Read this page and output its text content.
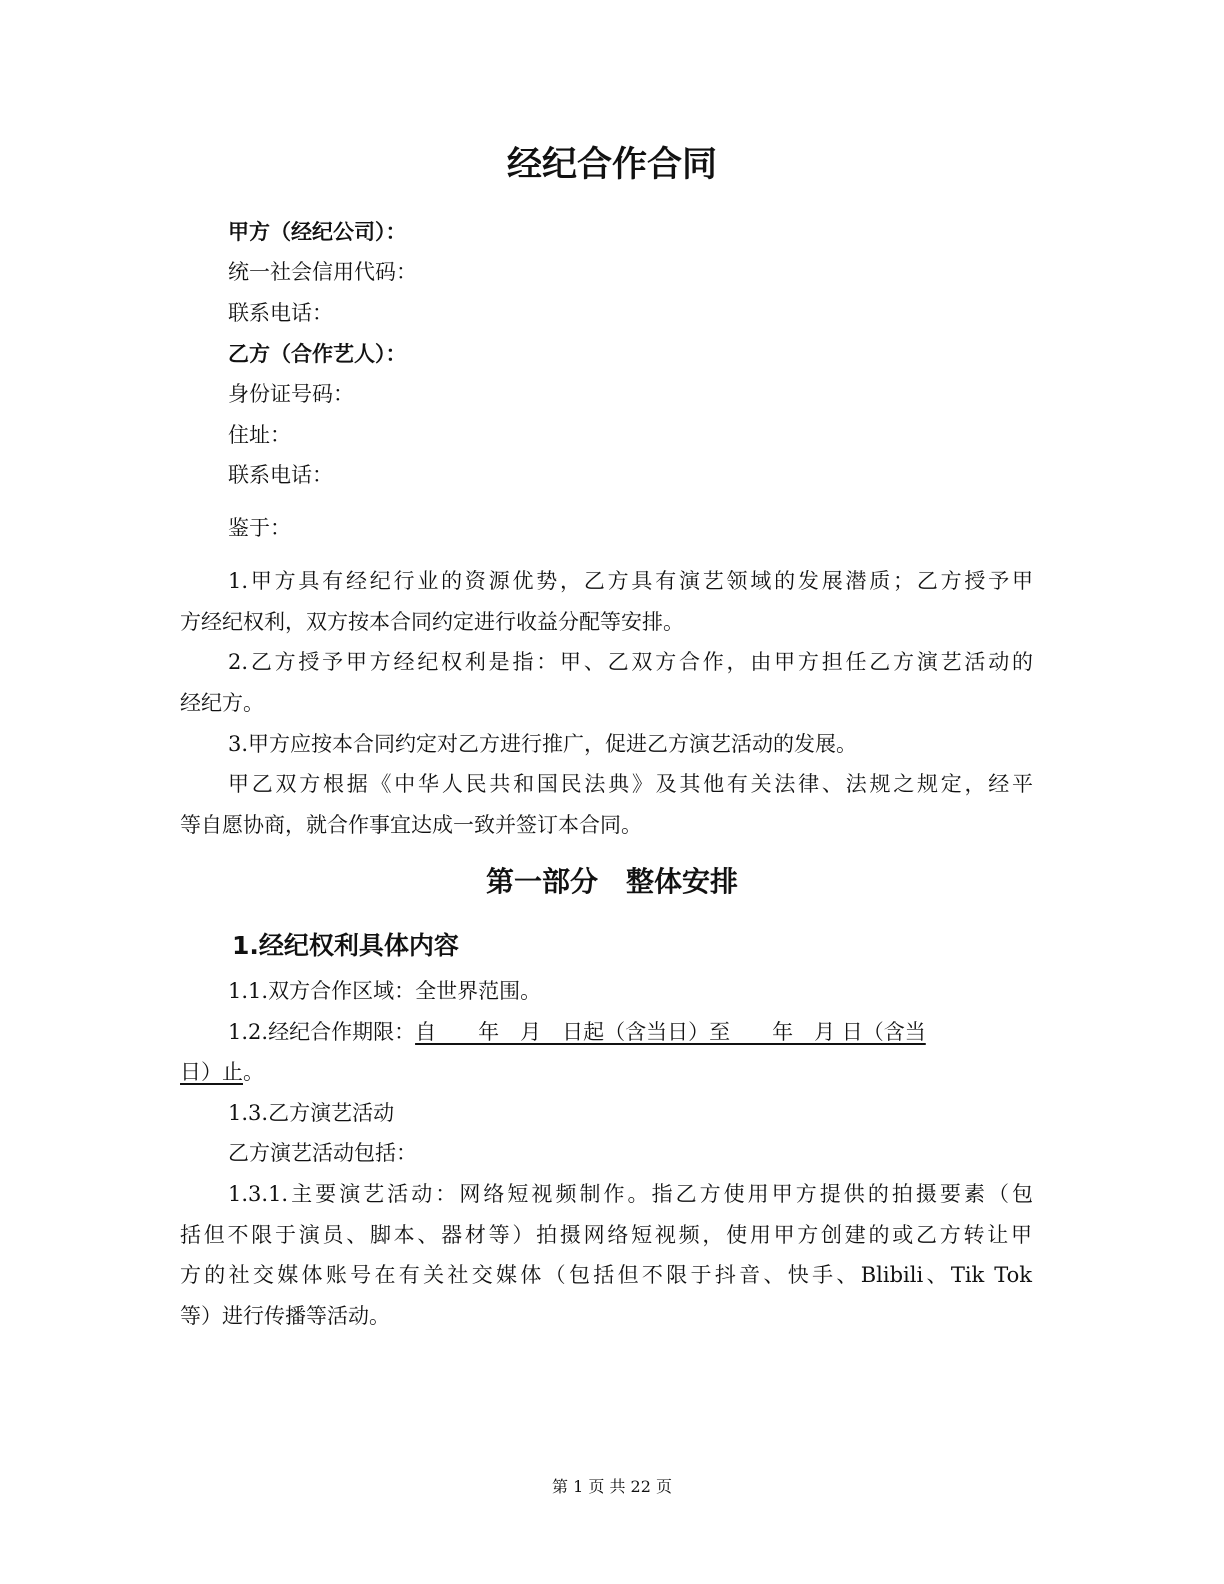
经纪合作合同
甲方（经纪公司）：
统一社会信用代码：
联系电话：
乙方（合作艺人）：
身份证号码：
住址：
联系电话：
鉴于：
1.甲方具有经纪行业的资源优势，乙方具有演艺领域的发展潜质；乙方授予甲
方经纪权利，双方按本合同约定进行收益分配等安排。
2.乙方授予甲方经纪权利是指：甲、乙双方合作，由甲方担任乙方演艺活动的
经纪方。
3.甲方应按本合同约定对乙方进行推广，促进乙方演艺活动的发展。
甲乙双方根据《中华人民共和国民法典》及其他有关法律、法规之规定，经平
等自愿协商，就合作事宜达成一致并签订本合同。
第一部分　整体安排
1.经纪权利具体内容
1.1.双方合作区域：全世界范围。
1.2.经纪合作期限：自　　年　月　日起（含当日）至　　年　月 日（含当
日）止。
1.3.乙方演艺活动
乙方演艺活动包括：
1.3.1.主要演艺活动：网络短视频制作。指乙方使用甲方提供的拍摄要素（包
括但不限于演员、脚本、器材等）拍摄网络短视频，使用甲方创建的或乙方转让甲
方的社交媒体账号在有关社交媒体（包括但不限于抖音、快手、Blibili、Tik Tok
等）进行传播等活动。
第 1 页 共 22 页
